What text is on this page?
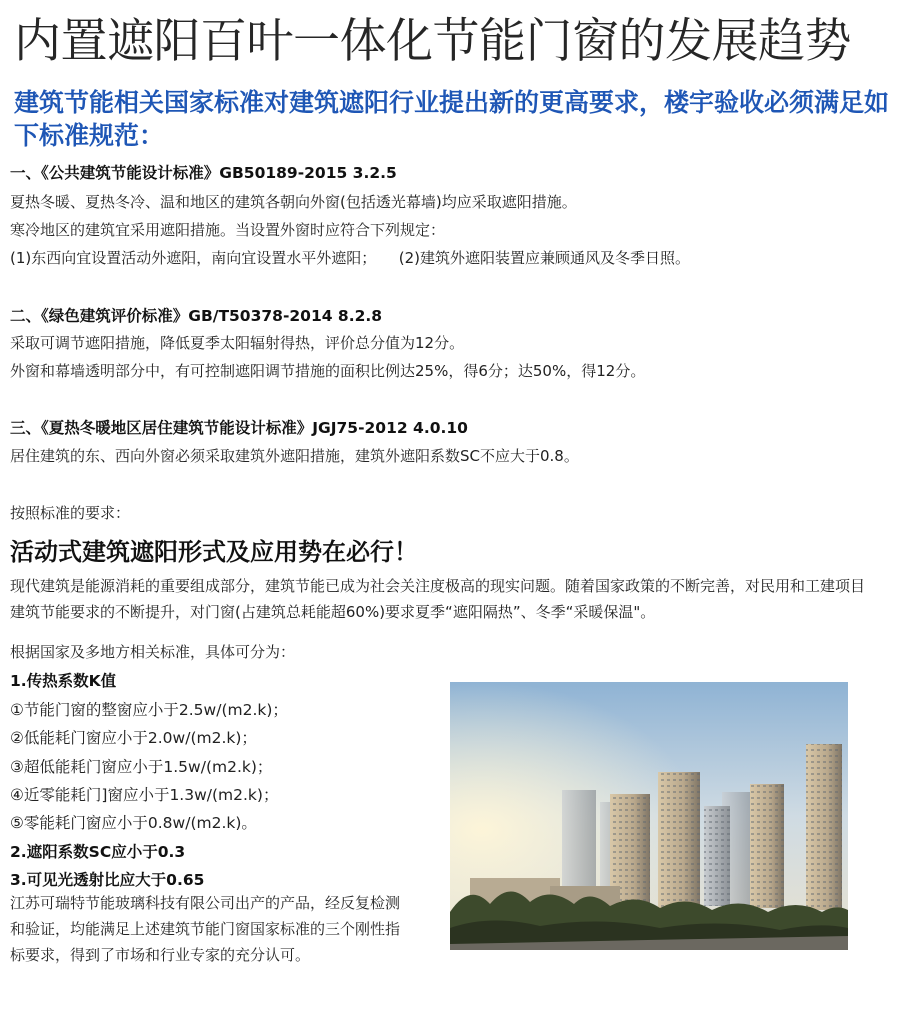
内置遮阳百叶一体化节能门窗的发展趋势
建筑节能相关国家标准对建筑遮阳行业提出新的更高要求，楼宇验收必须满足如下标准规范：
一、《公共建筑节能设计标准》GB50189-2015 3.2.5
夏热冬暖、夏热冬冷、温和地区的建筑各朝向外窗(包括透光幕墙)均应采取遮阳措施。
寒冷地区的建筑宜采用遮阳措施。当设置外窗时应符合下列规定：
(1)东西向宜设置活动外遮阳，南向宜设置水平外遮阳；　　(2)建筑外遮阳装置应兼顾通风及冬季日照。
二、《绿色建筑评价标准》GB/T50378-2014 8.2.8
采取可调节遮阳措施，降低夏季太阳辐射得热，评价总分值为12分。
外窗和幕墙透明部分中，有可控制遮阳调节措施的面积比例达25%，得6分；达50%，得12分。
三、《夏热冬暖地区居住建筑节能设计标准》JGJ75-2012 4.0.10
居住建筑的东、西向外窗必须采取建筑外遮阳措施，建筑外遮阳系数SC不应大于0.8。
按照标准的要求：
活动式建筑遮阳形式及应用势在必行！
现代建筑是能源消耗的重要组成部分，建筑节能已成为社会关注度极高的现实问题。随着国家政策的不断完善，对民用和工建项目建筑节能要求的不断提升，对门窗(占建筑总耗能超60%)要求夏季“遮阳隔热”、冬季“采暖保温"。
根据国家及多地方相关标准，具体可分为：
1.传热系数K值
①节能门窗的整窗应小于2.5w/(m2.k)；
②低能耗门窗应小于2.0w/(m2.k)；
③超低能耗门窗应小于1.5w/(m2.k)；
④近零能耗门]窗应小于1.3w/(m2.k)；
⑤零能耗门窗应小于0.8w/(m2.k)。
2.遮阳系数SC应小于0.3
3.可见光透射比应大于0.65
江苏可瑞特节能玻璃科技有限公司出产的产品，经反复检测和验证，均能满足上述建筑节能门窗国家标准的三个刚性指标要求，得到了市场和行业专家的充分认可。
